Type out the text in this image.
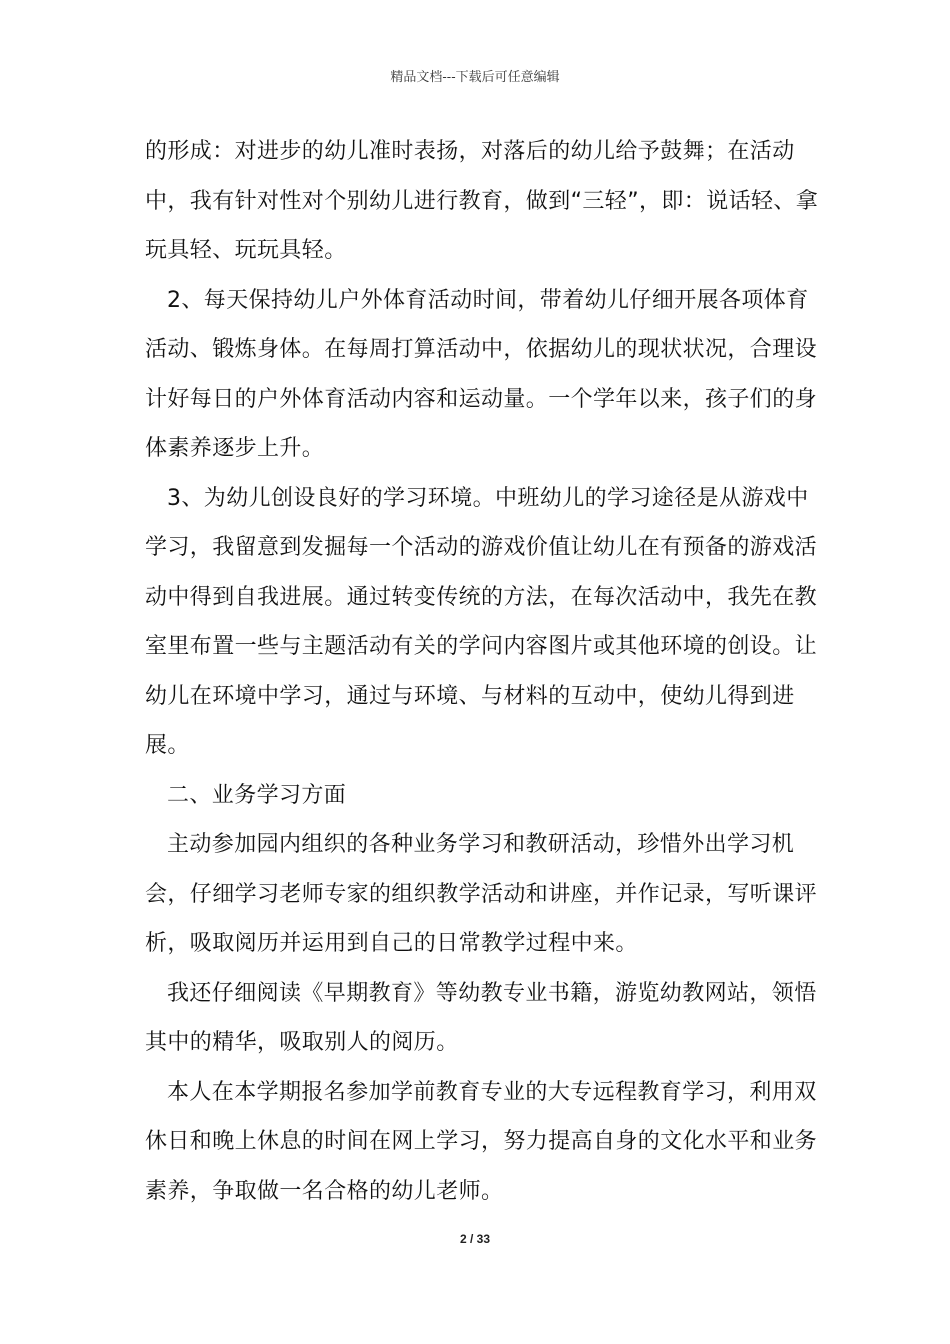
精品文档---下载后可任意编辑

的形成：对进步的幼儿准时表扬，对落后的幼儿给予鼓舞；在活动中，我有针对性对个别幼儿进行教育，做到“三轻”，即：说话轻、拿玩具轻、玩玩具轻。

2、每天保持幼儿户外体育活动时间，带着幼儿仔细开展各项体育活动、锻炼身体。在每周打算活动中，依据幼儿的现状状况，合理设计好每日的户外体育活动内容和运动量。一个学年以来，孩子们的身体素养逐步上升。

3、为幼儿创设良好的学习环境。中班幼儿的学习途径是从游戏中学习，我留意到发掘每一个活动的游戏价值让幼儿在有预备的游戏活动中得到自我进展。通过转变传统的方法，在每次活动中，我先在教室里布置一些与主题活动有关的学问内容图片或其他环境的创设。让幼儿在环境中学习，通过与环境、与材料的互动中，使幼儿得到进展。

二、业务学习方面

主动参加园内组织的各种业务学习和教研活动，珍惜外出学习机会，仔细学习老师专家的组织教学活动和讲座，并作记录，写听课评析，吸取阅历并运用到自己的日常教学过程中来。

我还仔细阅读《早期教育》等幼教专业书籍，游览幼教网站，领悟其中的精华，吸取别人的阅历。

本人在本学期报名参加学前教育专业的大专远程教育学习，利用双休日和晚上休息的时间在网上学习，努力提高自身的文化水平和业务素养，争取做一名合格的幼儿老师。

2 / 33
